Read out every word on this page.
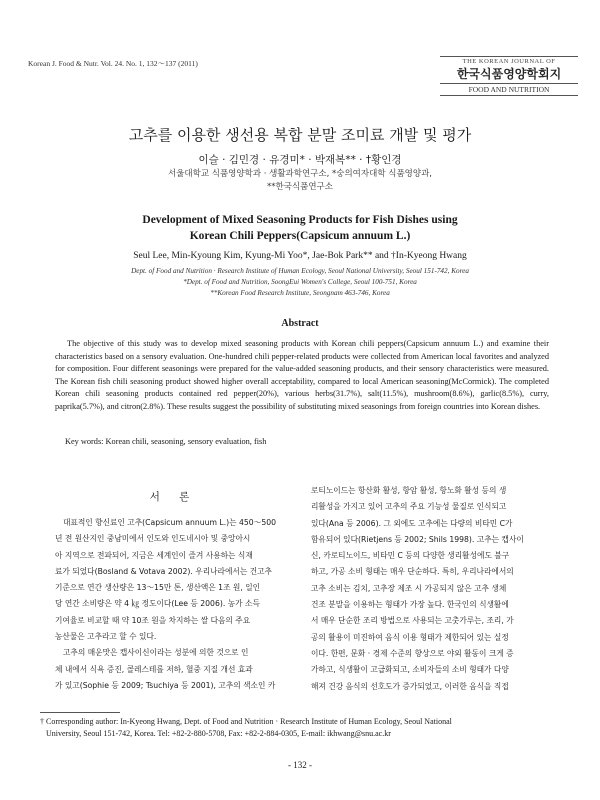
Korean J. Food & Nutr. Vol. 24. No. 1, 132～137 (2011)	THE KOREAN JOURNAL OF
한국식품영양학회지
FOOD AND NUTRITION
고추를 이용한 생선용 복합 분말 조미료 개발 및 평가
이슬 · 김민경 · 유경미* · 박재복** · †황인경
서울대학교 식품영양학과 · 생활과학연구소, *숭의여자대학 식품영양과,
**한국식품연구소
Development of Mixed Seasoning Products for Fish Dishes using
Korean Chili Peppers(Capsicum annuum L.)
Seul Lee, Min-Kyoung Kim, Kyung-Mi Yoo*, Jae-Bok Park** and †In-Kyeong Hwang
Dept. of Food and Nutrition · Research Institute of Human Ecology, Seoul National University, Seoul 151-742, Korea
*Dept. of Food and Nutrition, SoongEui Women's College, Seoul 100-751, Korea
**Korean Food Research Institute, Seongnam 463-746, Korea
Abstract
The objective of this study was to develop mixed seasoning products with Korean chili peppers(Capsicum annuum L.) and examine their characteristics based on a sensory evaluation. One-hundred chili pepper-related products were collected from American local favorites and analyzed for composition. Four different seasonings were prepared for the value-added seasoning products, and their sensory characteristics were measured. The Korean fish chili seasoning product showed higher overall acceptability, compared to local American seasoning(McCormick). The completed Korean chili seasoning products contained red pepper(20%), various herbs(31.7%), salt(11.5%), mushroom(8.6%), garlic(8.5%), curry, paprika(5.7%), and citron(2.8%). These results suggest the possibility of substituting mixed seasonings from foreign countries into Korean dishes.
Key words: Korean chili, seasoning, sensory evaluation, fish
서 론

대표적인 향신료인 고추(Capsicum annuum L.)는 450～500

년 전 원산지인 중남미에서 인도와 인도네시아 및 중앙아시

아 지역으로 전파되어, 지금은 세계인이 즐겨 사용하는 식재

료가 되었다(Bosland & Votava 2002). 우리나라에서는 건고추

기준으로 연간 생산량은 13～15만 톤, 생산액은 1조 원, 일인

당 연간 소비량은 약 4 ㎏ 정도이다(Lee 등 2006). 농가 소득

기여율로 비교할 때 약 10조 원을 차지하는 쌀 다음의 주요

농산물은 고추라고 할 수 있다.

고추의 매운맛은 캡사이신이라는 성분에 의한 것으로 인

체 내에서 식욕 증진, 콜레스테롤 저하, 혈중 지질 개선 효과

가 있고(Sophie 등 2009; Tsuchiya 등 2001), 고추의 색소인 카

로티노이드는 항산화 활성, 항암 활성, 항노화 활성 등의 생

리활성을 가지고 있어 고추의 주요 기능성 물질로 인식되고

있다(Ana 등 2006). 그 외에도 고추에는 다량의 비타민 C가

함유되어 있다(Rietjens 등 2002; Shils 1998). 고추는 캡사이

신, 카로티노이드, 비타민 C 등의 다양한 생리활성에도 불구

하고, 가공 소비 형태는 매우 단순하다. 특히, 우리나라에서의

고추 소비는 김치, 고추장 제조 시 가공되지 않은 고추 생체

건조 분말을 이용하는 형태가 가장 높다. 한국인의 식생활에

서 매우 단순한 조리 방법으로 사용되는 고춧가루는, 조리, 가

공의 활용이 미진하여 음식 이용 형태가 제한되어 있는 실정

이다. 한편, 문화 · 경제 수준의 향상으로 야외 활동이 크게 증

가하고, 식생활이 고급화되고, 소비자들의 소비 형태가 다양

해져 건강 음식의 선호도가 증가되었고, 이러한 음식을 직접

† Corresponding author: In-Kyeong Hwang, Dept. of Food and Nutrition · Research Institute of Human Ecology, Seoul National
University, Seoul 151-742, Korea. Tel: +82-2-880-5708, Fax: +82-2-884-0305, E-mail: ikhwang@snu.ac.kr
- 132 -
